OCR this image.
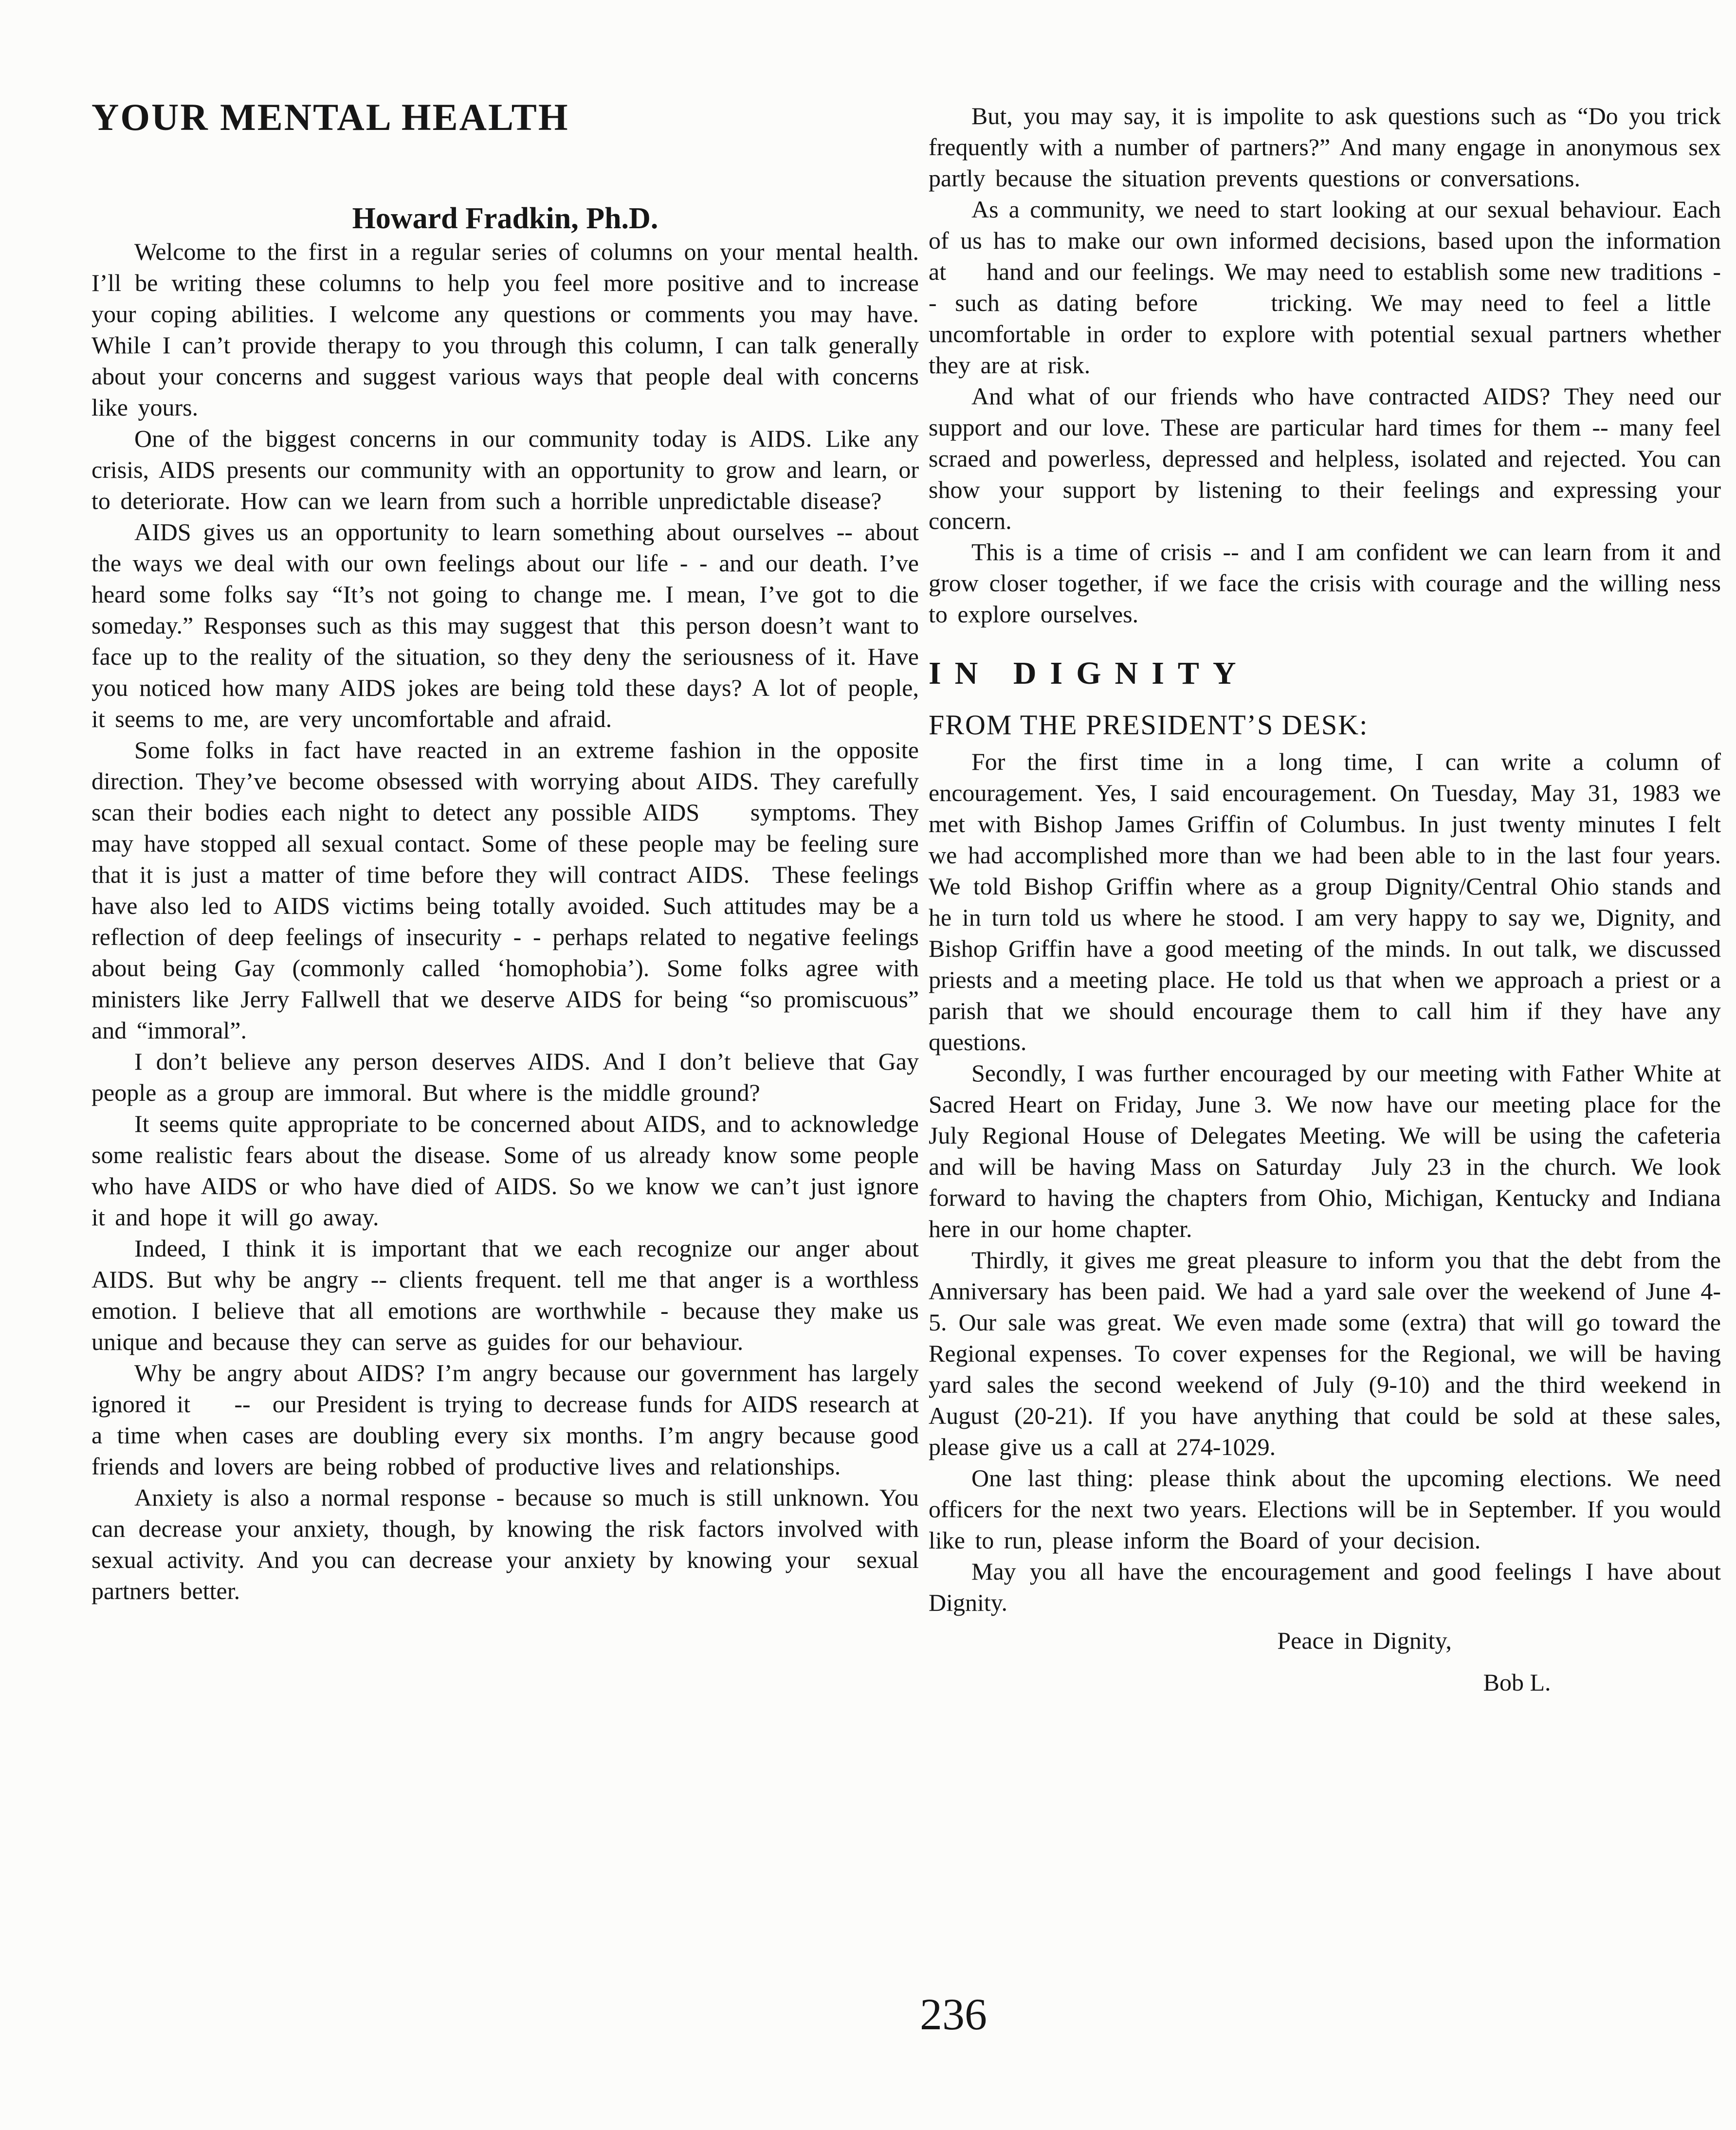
YOUR MENTAL HEALTH
Howard Fradkin, Ph.D.

Welcome to the first in a regular series of columns on your mental health. I’ll be writing these columns to help you feel more positive and to increase your coping abilities. I welcome any questions or comments you may have. While I can’t provide therapy to you through this column, I can talk generally about your concerns and suggest various ways that people deal with concerns like yours.

One of the biggest concerns in our community today is AIDS. Like any crisis, AIDS presents our community with an opportunity to grow and learn, or to deteriorate. How can we learn from such a horrible unpredictable disease?

AIDS gives us an opportunity to learn something about ourselves -- about the ways we deal with our own feelings about our life - - and our death. I’ve heard some folks say “It’s not going to change me. I mean, I’ve got to die someday.” Responses such as this may suggest that  this person doesn’t want to face up to the reality of the situation, so they deny the seriousness of it. Have you noticed how many AIDS jokes are being told these days? A lot of people, it seems to me, are very uncomfortable and afraid.

Some folks in fact have reacted in an extreme fashion in the opposite direction. They’ve become obsessed with worrying about AIDS. They carefully scan their bodies each night to detect any possible AIDS    symptoms. They may have stopped all sexual contact. Some of these people may be feeling sure that it is just a matter of time before they will contract AIDS.  These feelings have also led to AIDS victims being totally avoided. Such attitudes may be a reflection of deep feelings of insecurity - - perhaps related to negative feelings about being Gay (commonly called ‘homophobia’). Some folks agree with ministers like Jerry Fallwell that we deserve AIDS for being “so promiscuous” and “immoral”.

I don’t believe any person deserves AIDS. And I don’t believe that Gay people as a group are immoral. But where is the middle ground?

It seems quite appropriate to be concerned about AIDS, and to acknowledge some realistic fears about the disease. Some of us already know some people who have AIDS or who have died of AIDS. So we know we can’t just ignore it and hope it will go away.

Indeed, I think it is important that we each recognize our anger about AIDS. But why be angry -- clients frequent. tell me that anger is a worthless emotion. I believe that all emotions are worthwhile - because they make us unique and because they can serve as guides for our behaviour.

Why be angry about AIDS? I’m angry because our government has largely ignored it    --  our President is trying to decrease funds for AIDS research at a time when cases are doubling every six months. I’m angry because good friends and lovers are being robbed of productive lives and relationships.

Anxiety is also a normal response - because so much is still unknown. You can decrease your anxiety, though, by knowing the risk factors involved with sexual activity. And you can decrease your anxiety by knowing your  sexual partners better.

But, you may say, it is impolite to ask questions such as “Do you trick frequently with a number of partners?” And many engage in anonymous sex partly because the situation prevents questions or conversations.

As a community, we need to start looking at our sexual behaviour. Each of us has to make our own informed decisions, based upon the information at    hand and our feelings. We may need to establish some new traditions -- such as dating before    tricking. We may need to feel a little  uncomfortable in order to explore with potential sexual partners whether they are at risk.

And what of our friends who have contracted AIDS? They need our support and our love. These are particular hard times for them -- many feel scraed and powerless, depressed and helpless, isolated and rejected. You can show your support by listening to their feelings and expressing your concern.

This is a time of crisis -- and I am confident we can learn from it and grow closer together, if we face the crisis with courage and the willing ness to explore ourselves.

IN DIGNITY
FROM THE PRESIDENT’S DESK:

For the first time in a long time, I can write a column of encouragement. Yes, I said encouragement. On Tuesday, May 31, 1983 we met with Bishop James Griffin of Columbus. In just twenty minutes I felt we had accomplished more than we had been able to in the last four years. We told Bishop Griffin where as a group Dignity/Central Ohio stands and he in turn told us where he stood. I am very happy to say we, Dignity, and Bishop Griffin have a good meeting of the minds. In out talk, we discussed priests and a meeting place. He told us that when we approach a priest or a parish that we should encourage them to call him if they have any questions.

Secondly, I was further encouraged by our meeting with Father White at Sacred Heart on Friday, June 3. We now have our meeting place for the July Regional House of Delegates Meeting. We will be using the cafeteria and will be having Mass on Saturday  July 23 in the church. We look forward to having the chapters from Ohio, Michigan, Kentucky and Indiana here in our home chapter.

Thirdly, it gives me great pleasure to inform you that the debt from the Anniversary has been paid. We had a yard sale over the weekend of June 4-5. Our sale was great. We even made some (extra) that will go toward the Regional expenses. To cover expenses for the Regional, we will be having yard sales the second weekend of July (9-10) and the third weekend in August (20-21). If you have anything that could be sold at these sales, please give us a call at 274-1029.

One last thing: please think about the upcoming elections. We need officers for the next two years. Elections will be in September. If you would like to run, please inform the Board of your decision.

May you all have the encouragement and good feelings I have about Dignity.

Peace in Dignity,
Bob L.
236
